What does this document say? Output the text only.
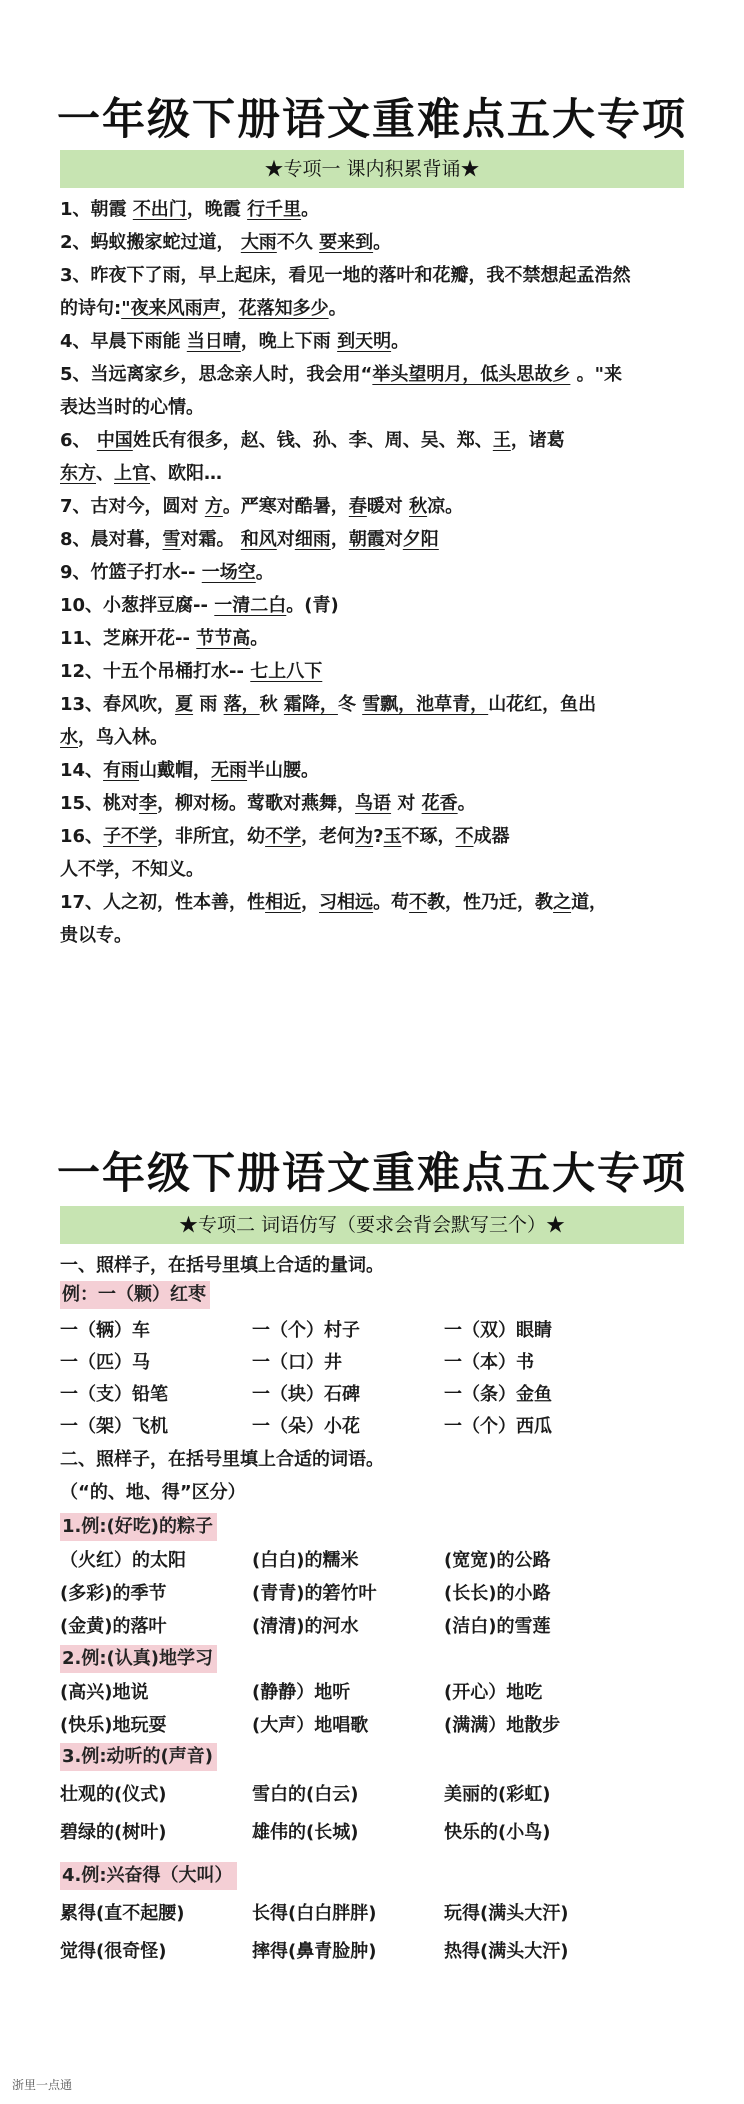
一年级下册语文重难点五大专项
★专项一 课内积累背诵★
1、朝霞 不出门，晚霞 行千里。
2、蚂蚁搬家蛇过道， 大雨不久 要来到。
3、昨夜下了雨，早上起床，看见一地的落叶和花瓣，我不禁想起孟浩然
的诗句:"夜来风雨声，花落知多少。
4、早晨下雨能 当日晴，晚上下雨 到天明。
5、当远离家乡，思念亲人时，我会用“举头望明月，低头思故乡 。"来
表达当时的心情。
6、 中国姓氏有很多，赵、钱、孙、李、周、吴、郑、王，诸葛
东方、上官、欧阳…
7、古对今，圆对 方。严寒对酷暑，春暖对 秋凉。
8、晨对暮，雪对霜。 和风对细雨，朝霞对夕阳
9、竹篮子打水-- 一场空。
10、小葱拌豆腐-- 一清二白。(青)
11、芝麻开花-- 节节高。
12、十五个吊桶打水-- 七上八下
13、春风吹，夏 雨 落，秋 霜降，冬 雪飘，池草青，山花红，鱼出
水，鸟入林。
14、有雨山戴帽，无雨半山腰。
15、桃对李，柳对杨。莺歌对燕舞，鸟语 对 花香。
16、子不学，非所宜，幼不学，老何为?玉不琢，不成器
人不学，不知义。
17、人之初，性本善，性相近，习相远。苟不教，性乃迁，教之道，
贵以专。
一年级下册语文重难点五大专项
★专项二 词语仿写（要求会背会默写三个）★
一、照样子，在括号里填上合适的量词。
例：一（颗）红枣
一（辆）车	一（个）村子	一（双）眼睛
一（匹）马	一（口）井	一（本）书
一（支）铅笔	一（块）石碑	一（条）金鱼
一（架）飞机	一（朵）小花	一（个）西瓜
二、照样子，在括号里填上合适的词语。
（“的、地、得”区分）
1.例:(好吃)的粽子
（火红）的太阳	(白白)的糯米	(宽宽)的公路
(多彩)的季节	(青青)的箬竹叶	(长长)的小路
(金黄)的落叶	(清清)的河水	(洁白)的雪莲
2.例:(认真)地学习
(高兴)地说	(静静）地听	(开心）地吃
(快乐)地玩耍	(大声）地唱歌	(满满）地散步
3.例:动听的(声音)
壮观的(仪式)	雪白的(白云)	美丽的(彩虹)
碧绿的(树叶)	雄伟的(长城)	快乐的(小鸟)
4.例:兴奋得（大叫）
累得(直不起腰)	长得(白白胖胖)	玩得(满头大汗)
觉得(很奇怪)	摔得(鼻青脸肿)	热得(满头大汗)
浙里一点通
